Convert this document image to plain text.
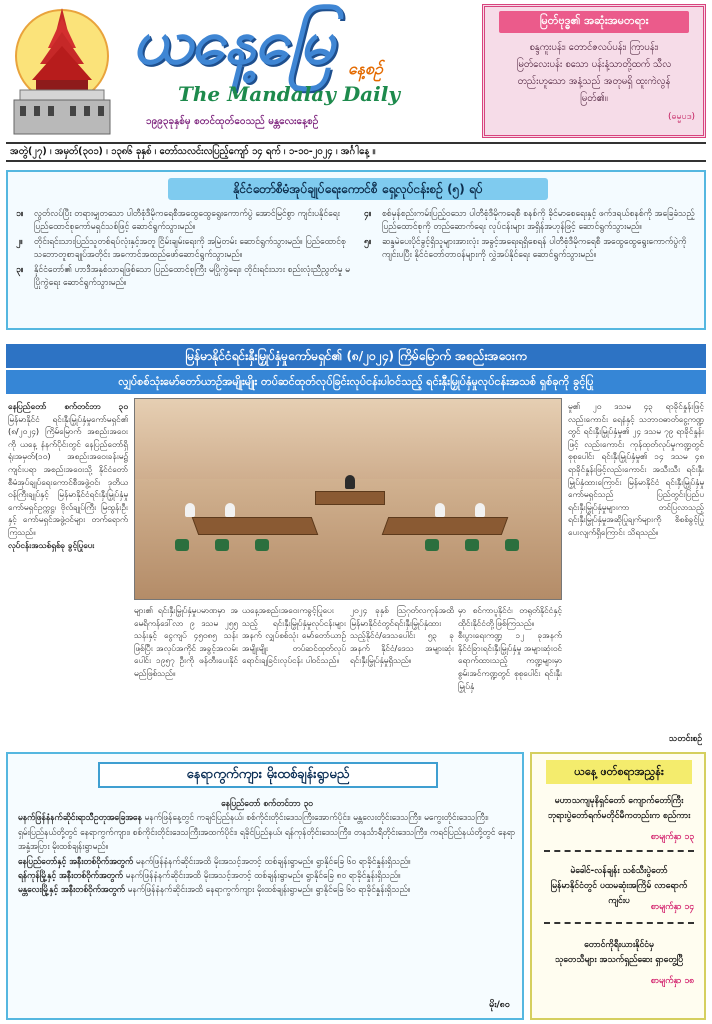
ယနေ့မြေ နေ့စဉ်
The Mandalay Daily
၁၉၉၃ခုနှစ်မှ စတင်ထုတ်ဝေသည် မန္တလေးနေ့စဉ်
မြတ်ဗုဒ္ဓ၏ အဆုံးအမတရား
စန္ဒကူးပန်း၊ တောင်ဇလပ်ပန်း၊ ကြာပန်း၊
မြတ်လေးပန်း စသော ပန်းနံ့သာတို့ထက် သီလ
တည်းဟူသော အနံ့သည် အတုမရှိ ထူးကဲလွန်
မြတ်၏။
(ဓမ္မပဒ)
အတွဲ(၂၇) ၊ အမှတ်(၃၀၁) ၊ ၁၃၈၆ ခုနှစ် ၊ တော်သလင်းလပြည့်ကျော် ၁၄ ရက် ၊ ၁-၁၀-၂၀၂၄ ၊ အင်္ဂါနေ့ ။
နိုင်ငံတော်စီမံအုပ်ချုပ်ရေးကောင်စီ ရှေ့လုပ်ငန်းစဉ် (၅) ရပ်
၁။	လွတ်လပ်ပြီး တရားမျှတသော ပါတီစုံဒီမိုကရေစီအထွေထွေရွေးကောက်ပွဲ အောင်မြင်စွာ ကျင်းပနိုင်ရေး ပြည်ထောင်စုကော်မရှင်သစ်ဖြင့် ဆောင်ရွက်သွားမည်။
၂။	တိုင်းရင်းသားပြည်သူတစ်ရပ်လုံးနှင့်အတူ ငြိမ်းချမ်းရေးကို အမြဲတမ်း ဆောင်ရွက်သွားမည်။ ပြည်ထောင်စုသဘောတူစာချုပ်အတိုင်း အကောင်အထည်ဖော်ဆောင်ရွက်သွားမည်။
၃။	နိုင်ငံတော်၏ ဟာဒီအနှစ်သာရဖြစ်သော ပြည်ထောင်စုကြီး မပြိုကွဲရေး၊ တိုင်းရင်းသား စည်းလုံးညီညွတ်မှု မပြိုကွဲရေး ဆောင်ရွက်သွားမည်။
၄။	စစ်မှန်စည်းကမ်းပြည့်ဝသော ပါတီစုံဒီမိုကရေစီ စနစ်ကို ခိုင်မာစေရေးနှင့် ဖက်ဒရယ်စနစ်ကို အခြေခံသည့် ပြည်ထောင်စုကို တည်ဆောက်ရေး လုပ်ငန်းများ အရှိန်အဟုန်ဖြင့် ဆောင်ရွက်သွားမည်။
၅။	ဆန္ဒမဲပေးပိုင်ခွင့်ရှိသူများအားလုံး အခွင့်အရေးရရှိစေရန် ပါတီစုံဒီမိုကရေစီ အထွေထွေရွေးကောက်ပွဲကို ကျင်းပပြီး နိုင်ငံတော်တာဝန်များကို လွှဲအပ်နိုင်ရေး ဆောင်ရွက်သွားမည်။
မြန်မာနိုင်ငံရင်းနှီးမြှုပ်နှံမှုကော်မရှင်၏ (၈/၂၀၂၄) ကြိမ်မြောက် အစည်းအဝေးက
လျှပ်စစ်သုံးမော်တော်ယာဉ်အမျိုးမျိုး တပ်ဆင်ထုတ်လုပ်ခြင်းလုပ်ငန်းပါဝင်သည့် ရင်းနှီးမြှုပ်နှံမှုလုပ်ငန်းအသစ် ရှစ်ခုကို ခွင့်ပြု
နေပြည်တော် စက်တင်ဘာ ၃၀ မြန်မာနိုင်ငံ ရင်းနှီးမြှုပ်နှံမှုကော်မရှင်၏ (၈/၂၀၂၄) ကြိမ်မြောက် အစည်းအဝေးကို ယနေ့ နံနက်ပိုင်းတွင် နေပြည်တော်ရှိ ရုံးအမှတ်(၁၀) အစည်းအဝေးခန်းမ၌ ကျင်းပရာ အစည်းအဝေးသို့ နိုင်ငံတော်စီမံအုပ်ချုပ်ရေးကောင်စီအဖွဲ့ဝင်၊ ဒုတိယဝန်ကြီးချုပ်နှင့် မြန်မာနိုင်ငံရင်းနှီးမြှုပ်နှံမှုကော်မရှင်ဥက္ကဋ္ဌ၊ ဗိုလ်ချုပ်ကြီး မြထွန်းဦးနှင့် ကော်မရှင်အဖွဲ့ဝင်များ တက်ရောက်ကြသည်။
လုပ်ငန်းအသစ်ရှစ်ခု ခွင့်ပြုပေး
မှု၏ ၂၀ ဒသမ ၄၃ ရာခိုင်နှုန်းဖြင့် လည်းကောင်း ရေနံနှင့် သဘာဝဓာတ်ငွေ့ကဏ္ဍတွင် ရင်းနှီးမြှုပ်နှံမှု၏ ၂၄ ဒသမ ၇၉ ရာခိုင်နှုန်းဖြင့် လည်းကောင်း ကုန်ထုတ်လုပ်မှုကဏ္ဍတွင် စုစုပေါင်း ရင်းနှီးမြှုပ်နှံမှု၏ ၁၄ ဒသမ ၄၈ ရာခိုင်နှုန်းဖြင့်လည်းကောင်း အသီးသီး ရင်းနှီးမြှုပ်နှံထားကြောင်း မြန်မာနိုင်ငံ ရင်းနှီးမြှုပ်နှံမှုကော်မရှင်သည် ပြည်တွင်းပြည်ပ ရင်းနှီးမြှုပ်နှံမှုများကာ တင်ပြလာသည့် ရင်းနှီးမြှုပ်နှံမှုအဆိုပြုချက်များကို စိစစ်ခွင့်ပြုပေးလျက်ရှိကြောင်း သိရသည်။
များ၏ ရင်းနှီးမြှုပ်နှံမှုပမာဏမှာ အမေရိကန်ဒေါ်လာ ၉ ဒသမ ၂၅၅ သန်းနှင့် ငွေကျပ် ၄၅၀၈၅ သန်း ဖြစ်ပြီး အလုပ်အကိုင် အခွင့်အလမ်းပေါင်း ၁၉၅၇ ဦးကို ဖန်တီးပေးနိုင်မည်ဖြစ်သည်။
ယနေ့အစည်းအဝေးကခွင့်ပြုပေးသည့် ရင်းနှီးမြှုပ်နှံမှုလုပ်ငန်းများအနက် လျှပ်စစ်သုံး မော်တော်ယာဉ် အမျိုးမျိုး တပ်ဆင်ထုတ်လုပ်ရောင်းချခြင်းလုပ်ငန်း ပါဝင်သည်။
၂၀၂၄ ခုနှစ် ဩဂုတ်လကုန်အထိ မြန်မာနိုင်ငံတွင်ရင်းနှီးမြှုပ်နှံထားသည့်နိုင်ငံ/ဒေသပေါင်း ၅၃ ခုအနက် နိုင်ငံ/ဒေသ အများဆုံး ရင်းနှီးမြှုပ်နှံမှုရှိသည်။
မှာ စင်ကာပူနိုင်ငံ၊ တရုတ်နိုင်ငံနှင့် ထိုင်းနိုင်ငံတို့ဖြစ်ကြသည်။ စီးပွားရေးကဏ္ဍ ၁၂ ခုအနက် နိုင်ငံခြားရင်းနှီးမြှုပ်နှံမှု အများဆုံးဝင်ရောက်ထားသည့် ကဏ္ဍများမှာ စွမ်းအင်ကဏ္ဍတွင် စုစုပေါင်း ရင်းနှီးမြှုပ်နှံ
သတင်းစဉ်
နေရာကွက်ကျား မိုးထစ်ချန်းရွာမည်

နေပြည်တော် စက်တင်ဘာ ၃၀

မနက်ဖြန်နံနက်ဆိုင်းရာသီဥတုအခြေအနေ မနက်ဖြန်နေ့တွင် ကချင်ပြည်နယ်၊ စစ်ကိုင်းတိုင်းဒေသကြီးအောက်ပိုင်း၊ မန္တလေးတိုင်းဒေသကြီး၊ မကွေးတိုင်းဒေသကြီး၊ ရှမ်းပြည်နယ်တို့တွင် နေရာကွက်ကျား၊ စစ်ကိုင်းတိုင်းဒေသကြီးအထက်ပိုင်း၊ ရခိုင်ပြည်နယ်၊ ရန်ကုန်တိုင်းဒေသကြီး၊ တနင်္သာရီတိုင်းဒေသကြီး၊ ကရင်ပြည်နယ်တို့တွင် နေရာအနှံ့အပြား မိုးထစ်ချန်းရွာမည်။

နေပြည်တော်နှင့် အနီးတစ်ဝိုက်အတွက် မနက်ဖြန်နံနက်ဆိုင်းအထိ မိုးအသင့်အတင့် ထစ်ချန်းရွာမည်။ ရွာနိုင်ခြေ ၆၀ ရာခိုင်နှုန်းရှိသည်။

ရန်ကုန်မြို့နှင့် အနီးတစ်ဝိုက်အတွက် မနက်ဖြန်နံနက်ဆိုင်းအထိ မိုးအသင့်အတင့် ထစ်ချန်းရွာမည်။ ရွာနိုင်ခြေ ၈၀ ရာခိုင်နှုန်းရှိသည်။

မန္တလေးမြို့နှင့် အနီးတစ်ဝိုက်အတွက် မနက်ဖြန်နံနက်ဆိုင်းအထိ နေရာကွက်ကျား မိုးထစ်ချန်းရွာမည်။ ရွာနိုင်ခြေ ၆၀ ရာခိုင်နှုန်းရှိသည်။

မိုး/၈၀
ယနေ့ ဖတ်စရာအညွှန်း
မဟာသကျမုနိရှင်တော် ကျောက်တော်ကြီး
ဘုရားပွဲတော်ရက်မတိုင်မီကတည်းက စည်ကား
စာမျက်နှာ ၁၃
မဲခေါင်-လန်ချန်း သစ်သီးပွဲတော်
မြန်မာနိုင်ငံတွင် ပထမဆုံးအကြိမ် လာရောက်ကျင်းပ
စာမျက်နှာ ၁၄
တောင်ကိုရီးယားနိုင်ငံမှ
သုတေသီများ အသက်ရှည်ဆေး ရှာတွေ့ပြီ
စာမျက်နှာ ၁၈
